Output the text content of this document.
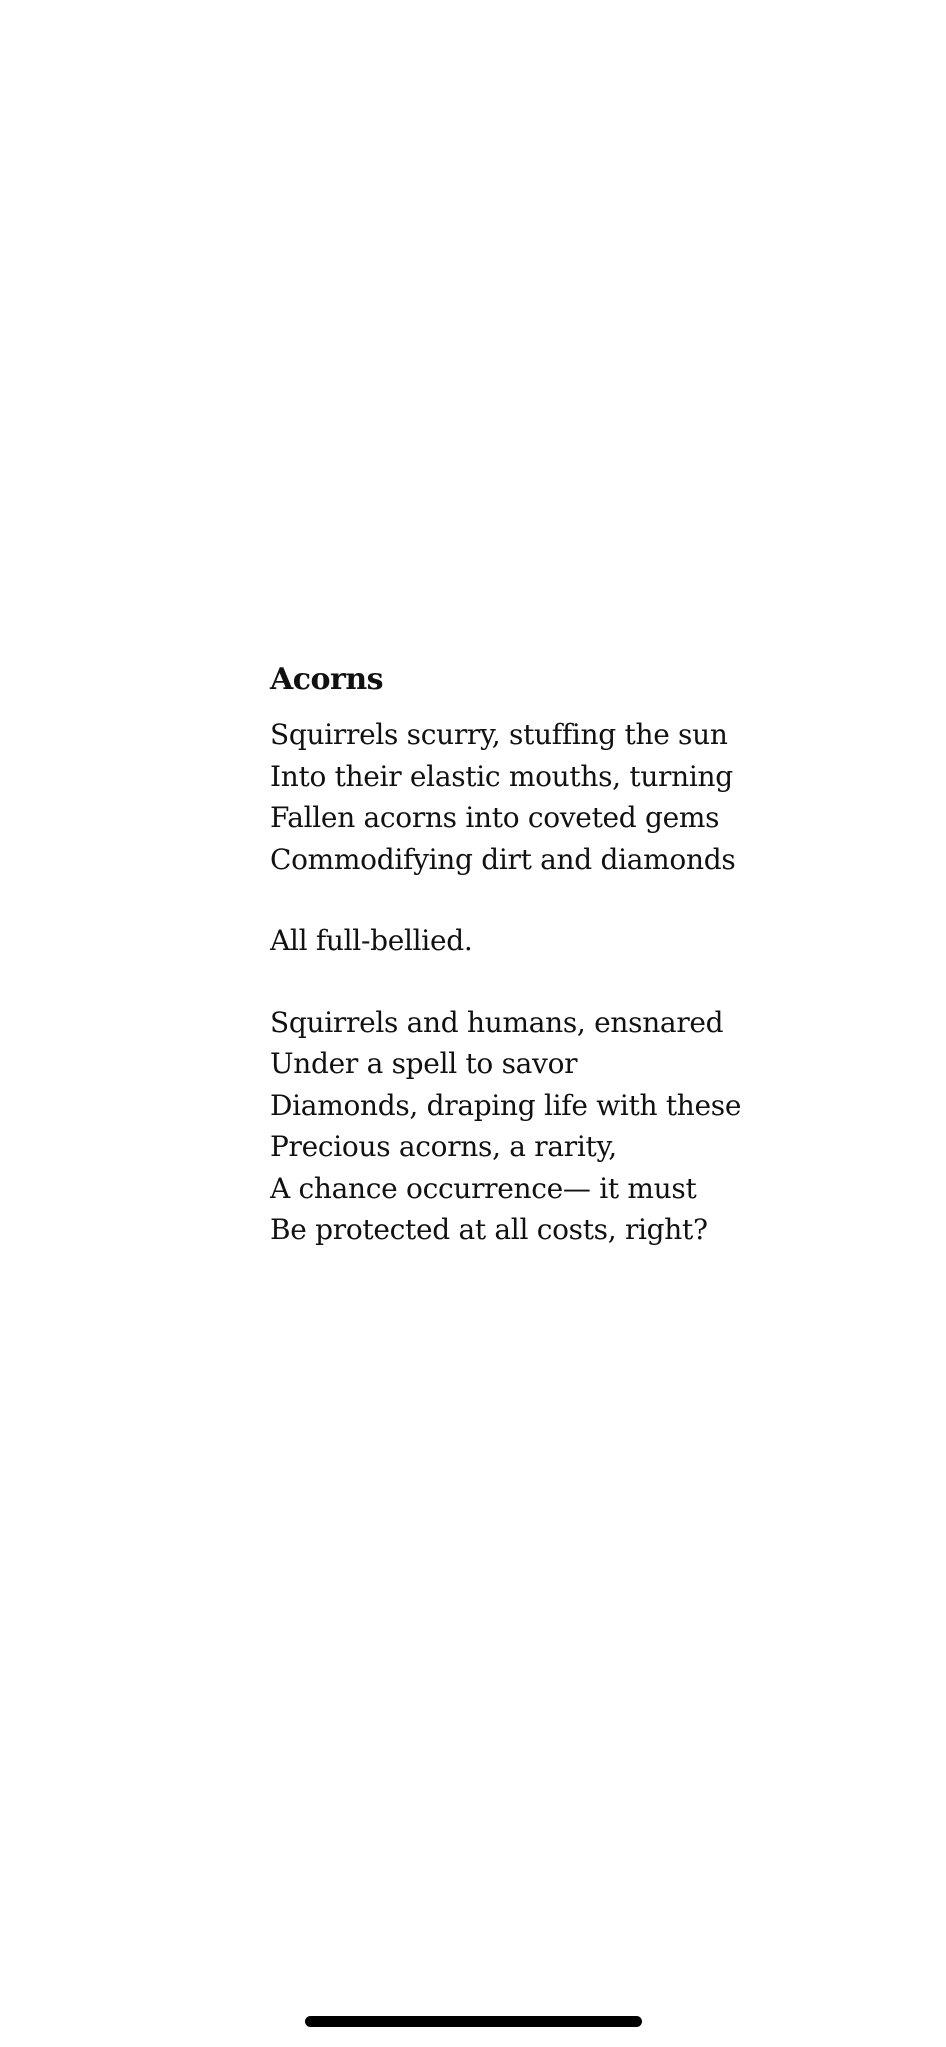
Acorns
Squirrels scurry, stuffing the sun
Into their elastic mouths, turning
Fallen acorns into coveted gems
Commodifying dirt and diamonds
All full-bellied.
Squirrels and humans, ensnared
Under a spell to savor
Diamonds, draping life with these
Precious acorns, a rarity,
A chance occurrence— it must
Be protected at all costs, right?
